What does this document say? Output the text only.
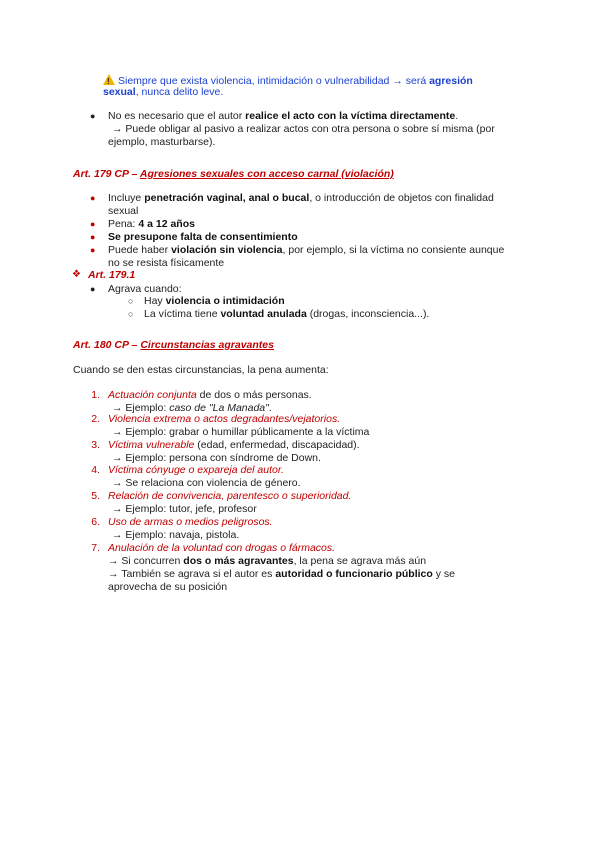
!Siempre que exista violencia, intimidación o vulnerabilidad → será agresión
sexual, nunca delito leve.
● No es necesario que el autor realice el acto con la víctima directamente.
→ Puede obligar al pasivo a realizar actos con otra persona o sobre sí misma (por
ejemplo, masturbarse).
Art. 179 CP – Agresiones sexuales con acceso carnal (violación)
● Incluye penetración vaginal, anal o bucal, o introducción de objetos con finalidad
sexual
● Pena: 4 a 12 años
● Se presupone falta de consentimiento
● Puede haber violación sin violencia, por ejemplo, si la víctima no consiente aunque
no se resista físicamente
❖ Art. 179.1
● Agrava cuando:
○ Hay violencia o intimidación
○ La víctima tiene voluntad anulada (drogas, inconsciencia...).
Art. 180 CP – Circunstancias agravantes
Cuando se den estas circunstancias, la pena aumenta:
1. Actuación conjunta de dos o más personas.
→ Ejemplo: caso de "La Manada".
2. Violencia extrema o actos degradantes/vejatorios.
→ Ejemplo: grabar o humillar públicamente a la víctima
3. Víctima vulnerable (edad, enfermedad, discapacidad).
→ Ejemplo: persona con síndrome de Down.
4. Víctima cónyuge o expareja del autor.
→ Se relaciona con violencia de género.
5. Relación de convivencia, parentesco o superioridad.
→ Ejemplo: tutor, jefe, profesor
6. Uso de armas o medios peligrosos.
→ Ejemplo: navaja, pistola.
7. Anulación de la voluntad con drogas o fármacos.
→ Si concurren dos o más agravantes, la pena se agrava más aún
→ También se agrava si el autor es autoridad o funcionario público y se
aprovecha de su posición
